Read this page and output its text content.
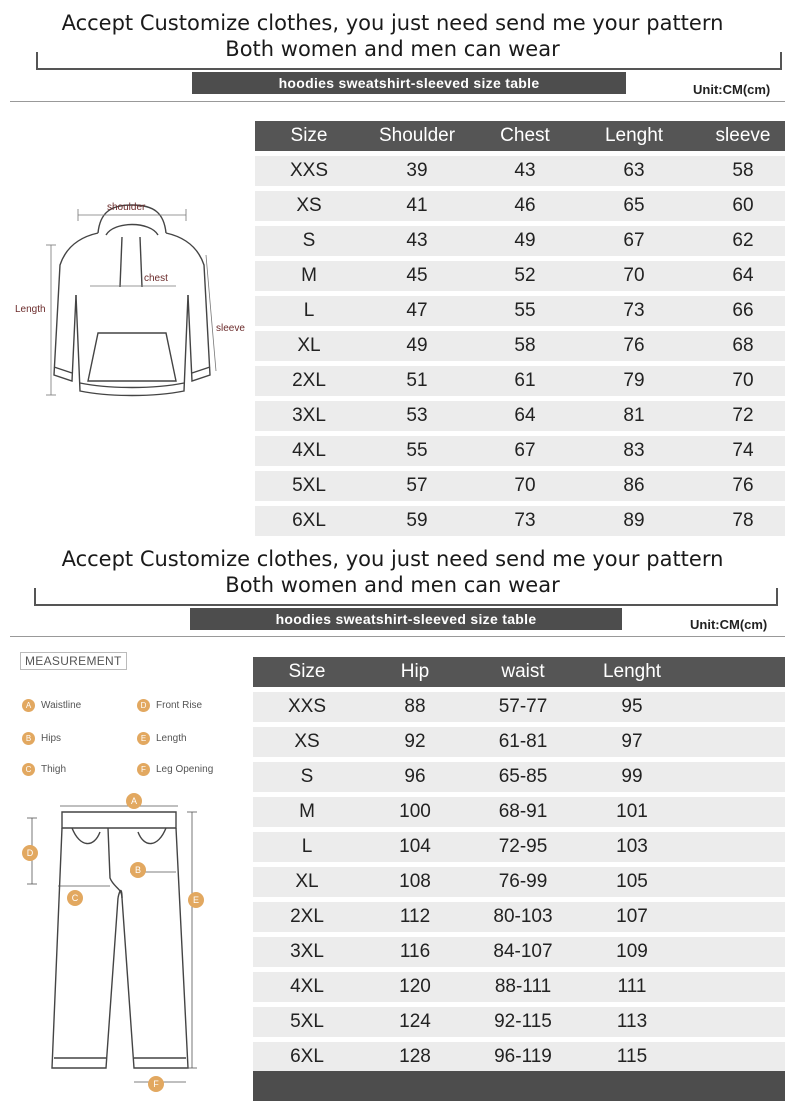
Accept Customize clothes, you just need send me your pattern
Both women and men can wear
hoodies sweatshirt-sleeved size table	Unit:CM(cm)
shoulder
chest
Length
sleeve
Size	Shoulder	Chest	Lenght	sleeve
XXS	39	43	63	58
XS	41	46	65	60
S	43	49	67	62
M	45	52	70	64
L	47	55	73	66
XL	49	58	76	68
2XL	51	61	79	70
3XL	53	64	81	72
4XL	55	67	83	74
5XL	57	70	86	76
6XL	59	73	89	78
Accept Customize clothes, you just need send me your pattern
Both women and men can wear
hoodies sweatshirt-sleeved size table	Unit:CM(cm)
MEASUREMENT
A Waistline	D Front Rise
B Hips	E Length
C Thigh	F Leg Opening
A
B
C
D
E
F
Size	Hip	waist	Lenght
XXS	88	57-77	95
XS	92	61-81	97
S	96	65-85	99
M	100	68-91	101
L	104	72-95	103
XL	108	76-99	105
2XL	112	80-103	107
3XL	116	84-107	109
4XL	120	88-111	111
5XL	124	92-115	113
6XL	128	96-119	115
